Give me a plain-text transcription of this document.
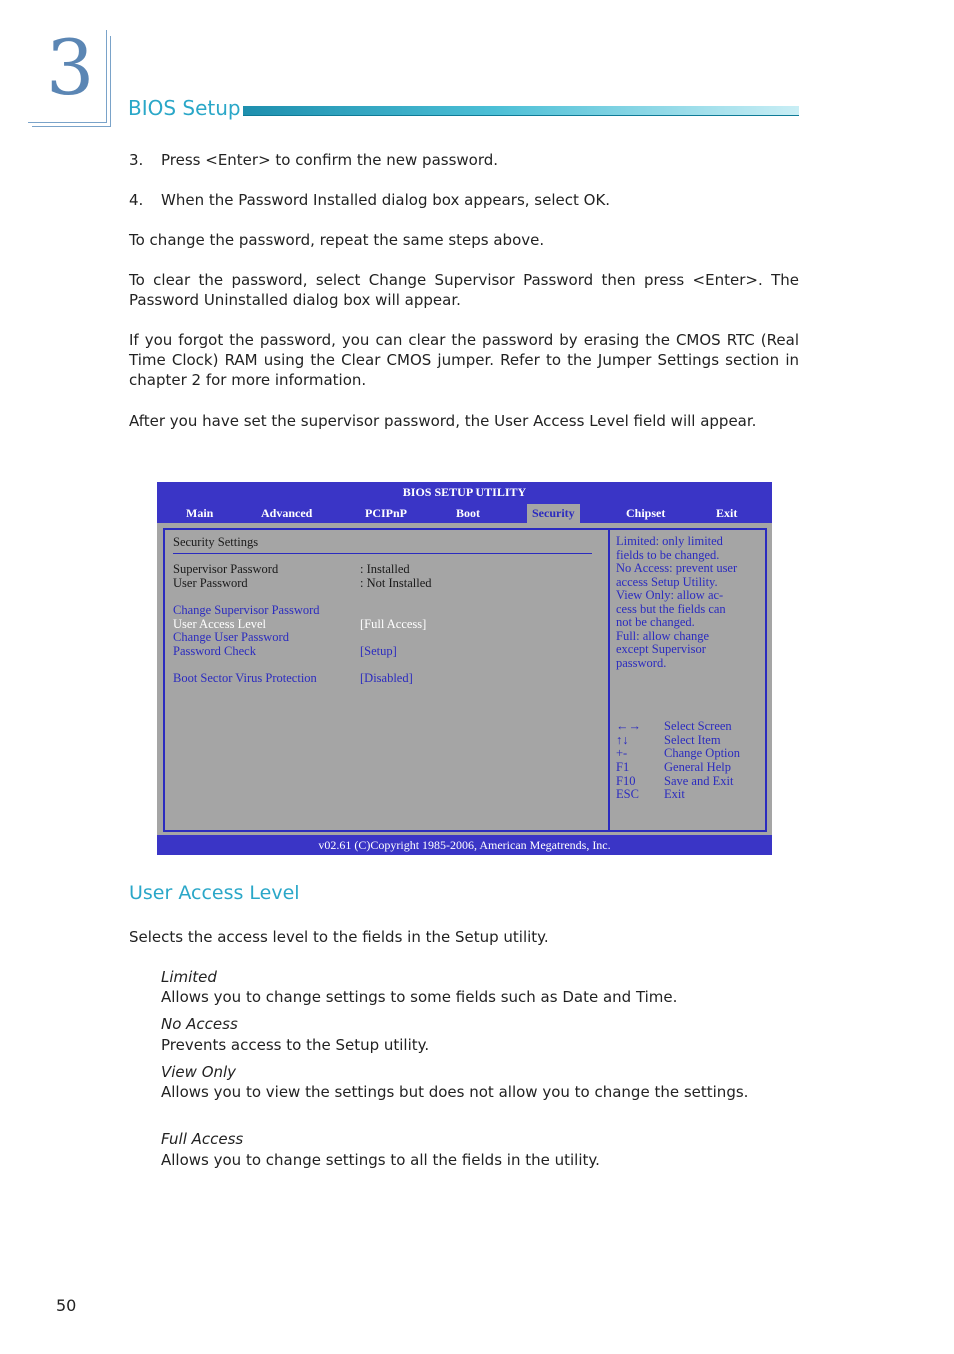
3 BIOS Setup
3. Press <Enter> to confirm the new password.
4. When the Password Installed dialog box appears, select OK.

To change the password, repeat the same steps above.

To clear the password, select Change Supervisor Password then press <Enter>. The Password Uninstalled dialog box will appear.

If you forgot the password, you can clear the password by erasing the CMOS RTC (Real Time Clock) RAM using the Clear CMOS jumper. Refer to the Jumper Settings section in chapter 2 for more information.

After you have set the supervisor password, the User Access Level field will appear.

BIOS SETUP UTILITY
Main	Advanced	PCIPnP	Boot	Security	Chipset	Exit
Security Settings
Supervisor Password	: Installed
User Password	: Not Installed
Change Supervisor Password
User Access Level	[Full Access]
Change User Password
Password Check	[Setup]
Boot Sector Virus Protection	[Disabled]
Limited: only limited
fields to be changed.
No Access: prevent user
access Setup Utility.
View Only: allow ac-
cess but the fields can
not be changed.
Full: allow change
except Supervisor
password.
←→ Select Screen
↑↓	Select Item
+-	Change Option
F1	General Help
F10 Save and Exit
ESC Exit
v02.61 (C)Copyright 1985-2006, American Megatrends, Inc.
User Access Level

Selects the access level to the fields in the Setup utility.

Limited

Allows you to change settings to some fields such as Date and Time.

No Access

Prevents access to the Setup utility.

View Only

Allows you to view the settings but does not allow you to change the settings.

Full Access

Allows you to change settings to all the fields in the utility.

50
